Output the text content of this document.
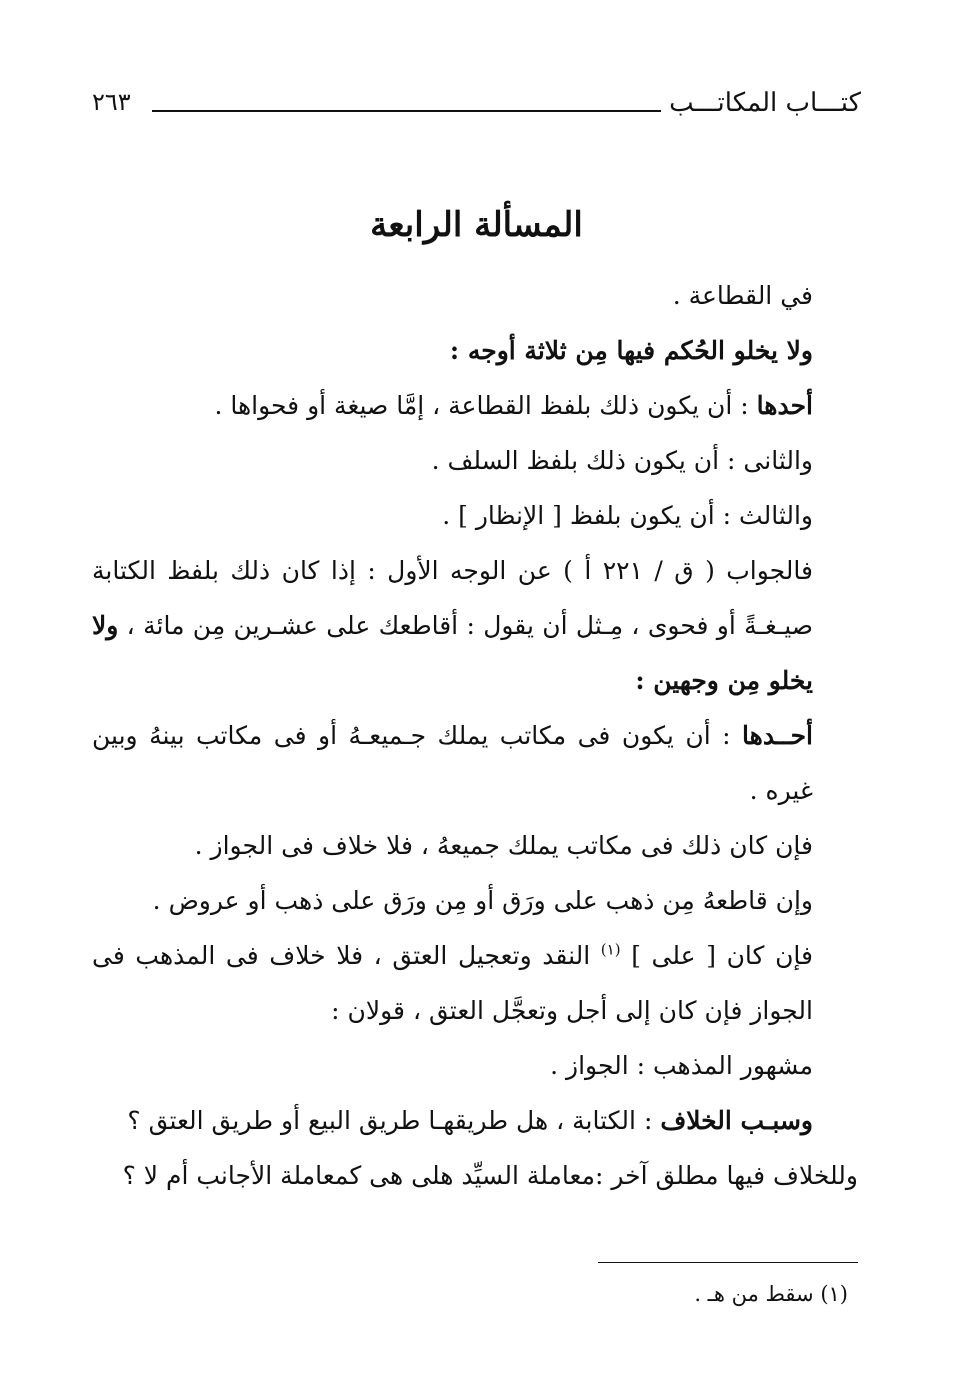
كتـــاب المكاتـــب
٢٦٣
المسألة الرابعة

في القطاعة .

ولا يخلو الحُكم فيها مِن ثلاثة أوجه :

أحدها : أن يكون ذلك بلفظ القطاعة ، إمَّا صيغة أو فحواها .

والثانى : أن يكون ذلك بلفظ السلف .

والثالث : أن يكون بلفظ [ الإنظار ] .

فالجواب ( ق / ٢٢١ أ ) عن الوجه الأول : إذا كان ذلك بلفظ الكتابة صيـغـةً أو فحوى ، مِـثل أن يقول : أقاطعك على عشـرين مِن مائة ، ولا يخلو مِن وجهين :

أحــدها : أن يكون فى مكاتب يملك جـميعـهُ أو فى مكاتب بينهُ وبين غيره .

فإن كان ذلك فى مكاتب يملك جميعهُ ، فلا خلاف فى الجواز .

وإن قاطعهُ مِن ذهب على ورَق أو مِن ورَق على ذهب أو عروض .

فإن كان [ على ] $^{(١)}$ النقد وتعجيل العتق ، فلا خلاف فى المذهب فى الجواز فإن كان إلى أجل وتعجَّل العتق ، قولان :

مشهور المذهب : الجواز .

وسبـب الخلاف : الكتابة ، هل طريقهـا طريق البيع أو طريق العتق ؟

وللخلاف فيها مطلق آخر :معاملة السيِّد هلى هى كمعاملة الأجانب أم لا ؟

(١) سقط من هـ .
